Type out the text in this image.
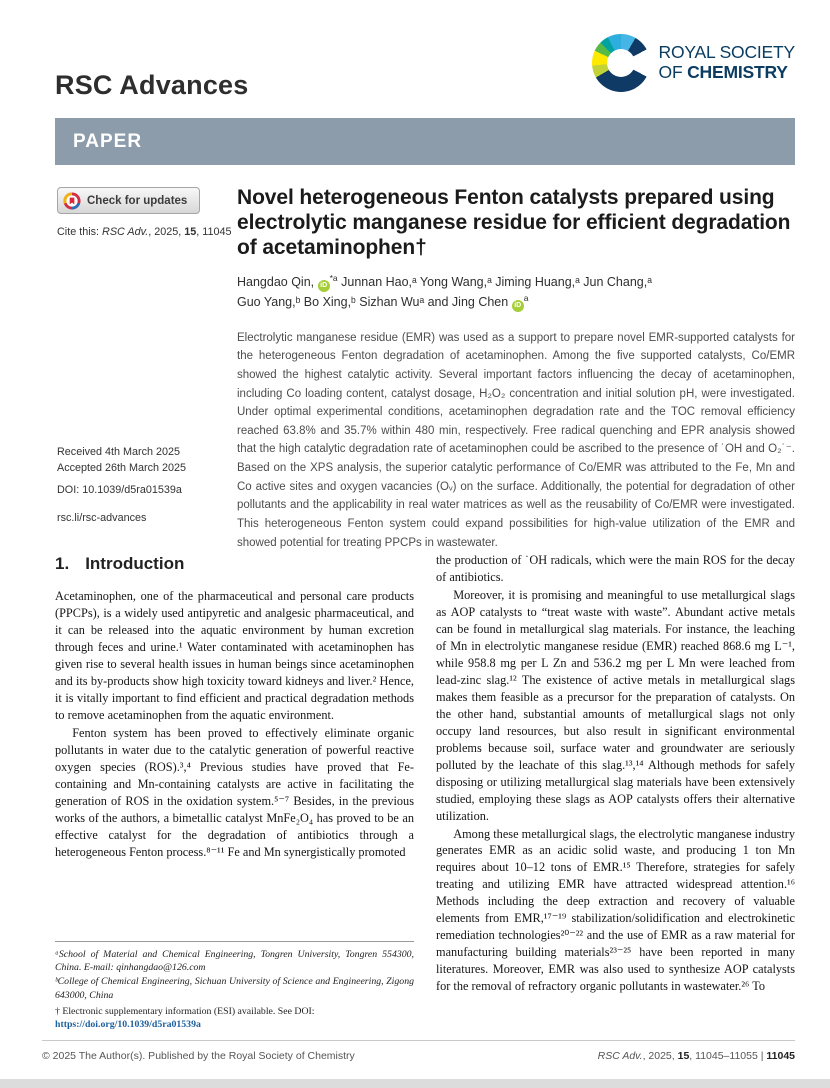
RSC Advances
ROYAL SOCIETY
OF CHEMISTRY
PAPER
Check for updates
Cite this: RSC Adv., 2025, 15, 11045
Received 4th March 2025
Accepted 26th March 2025
DOI: 10.1039/d5ra01539a
rsc.li/rsc-advances
Novel heterogeneous Fenton catalysts prepared using electrolytic manganese residue for efficient degradation of acetaminophen†
Hangdao Qin, $iD^{*a}$ Junnan Hao,ᵃ Yong Wang,ᵃ Jiming Huang,ᵃ Jun Chang,ᵃ
Guo Yang,ᵇ Bo Xing,ᵇ Sizhan Wuᵃ and Jing Chen $iD^a$

Electrolytic manganese residue (EMR) was used as a support to prepare novel EMR-supported catalysts for the heterogeneous Fenton degradation of acetaminophen. Among the five supported catalysts, Co/EMR showed the highest catalytic activity. Several important factors influencing the decay of acetaminophen, including Co loading content, catalyst dosage, H₂O₂ concentration and initial solution pH, were investigated. Under optimal experimental conditions, acetaminophen degradation rate and the TOC removal efficiency reached 63.8% and 35.7% within 480 min, respectively. Free radical quenching and EPR analysis showed that the high catalytic degradation rate of acetaminophen could be ascribed to the presence of ˙OH and O₂˙⁻. Based on the XPS analysis, the superior catalytic performance of Co/EMR was attributed to the Fe, Mn and Co active sites and oxygen vacancies (Oᵥ) on the surface. Additionally, the potential for degradation of other pollutants and the applicability in real water matrices as well as the reusability of Co/EMR were investigated. This heterogeneous Fenton system could expand possibilities for high-value utilization of the EMR and showed potential for treating PPCPs in wastewater.

1. Introduction

Acetaminophen, one of the pharmaceutical and personal care products (PPCPs), is a widely used antipyretic and analgesic pharmaceutical, and it can be released into the aquatic environment by human excretion through feces and urine.¹ Water contaminated with acetaminophen has given rise to several health issues in human beings since acetaminophen and its by-products show high toxicity toward kidneys and liver.² Hence, it is vitally important to find efficient and practical degradation methods to remove acetaminophen from the aquatic environment.

Fenton system has been proved to effectively eliminate organic pollutants in water due to the catalytic generation of powerful reactive oxygen species (ROS).³,⁴ Previous studies have proved that Fe-containing and Mn-containing catalysts are active in facilitating the generation of ROS in the oxidation system.⁵⁻⁷ Besides, in the previous works of the authors, a bimetallic catalyst MnFe₂O₄ has proved to be an effective catalyst for the degradation of antibiotics through a heterogeneous Fenton process.⁸⁻¹¹ Fe and Mn synergistically promoted

ᵃSchool of Material and Chemical Engineering, Tongren University, Tongren 554300, China. E-mail: qinhangdao@126.com

ᵇCollege of Chemical Engineering, Sichuan University of Science and Engineering, Zigong 643000, China

† Electronic supplementary information (ESI) available. See DOI:
https://doi.org/10.1039/d5ra01539a

the production of ˙OH radicals, which were the main ROS for the decay of antibiotics.

Moreover, it is promising and meaningful to use metallurgical slags as AOP catalysts to “treat waste with waste”. Abundant active metals can be found in metallurgical slag materials. For instance, the leaching of Mn in electrolytic manganese residue (EMR) reached 868.6 mg L⁻¹, while 958.8 mg per L Zn and 536.2 mg per L Mn were leached from lead-zinc slag.¹² The existence of active metals in metallurgical slags makes them feasible as a precursor for the preparation of catalysts. On the other hand, substantial amounts of metallurgical slags not only occupy land resources, but also result in significant environmental problems because soil, surface water and groundwater are seriously polluted by the leachate of this slag.¹³,¹⁴ Although methods for safely disposing or utilizing metallurgical slag materials have been extensively studied, employing these slags as AOP catalysts offers their alternative utilization.

Among these metallurgical slags, the electrolytic manganese industry generates EMR as an acidic solid waste, and producing 1 ton Mn requires about 10–12 tons of EMR.¹⁵ Therefore, strategies for safely treating and utilizing EMR have attracted widespread attention.¹⁶ Methods including the deep extraction and recovery of valuable elements from EMR,¹⁷⁻¹⁹ stabilization/solidification and electrokinetic remediation technologies²⁰⁻²² and the use of EMR as a raw material for manufacturing building materials²³⁻²⁵ have been reported in many literatures. Moreover, EMR was also used to synthesize AOP catalysts for the removal of refractory organic pollutants in wastewater.²⁶ To

© 2025 The Author(s). Published by the Royal Society of Chemistry	RSC Adv., 2025, 15, 11045–11055 | 11045
